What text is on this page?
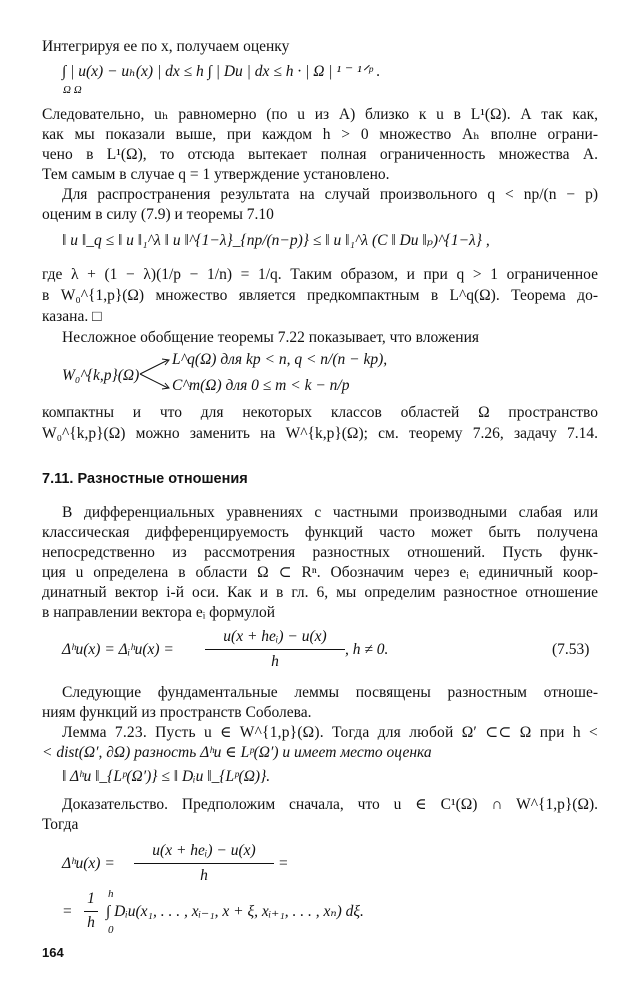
Интегрируя ее по x, получаем оценку
∫ | u(x) − uₕ(x) | dx ≤ h ∫ | Du | dx ≤ h · | Ω | ¹ ⁻ ¹ᐟᵖ .
Ω Ω
Следовательно, uₕ равномерно (по u из A) близко к u в L¹(Ω). А так как,
как мы показали выше, при каждом h > 0 множество Aₕ вполне ограни-
чено в L¹(Ω), то отсюда вытекает полная ограниченность множества A.
Тем самым в случае q = 1 утверждение установлено.
Для распространения результата на случай произвольного q < np/(n − p)
оценим в силу (7.9) и теоремы 7.10
‖ u ‖_q ≤ ‖ u ‖₁^λ ‖ u ‖^{1−λ}_{np/(n−p)} ≤ ‖ u ‖₁^λ (C ‖ Du ‖ₚ)^{1−λ} ,
где λ + (1 − λ)(1/p − 1/n) = 1/q. Таким образом, и при q > 1 ограниченное
в W₀^{1,p}(Ω) множество является предкомпактным в L^q(Ω). Теорема до-
казана. □
Несложное обобщение теоремы 7.22 показывает, что вложения
W₀^{k,p}(Ω)
L^q(Ω) для kp < n, q < n/(n − kp),
C^m(Ω) для 0 ≤ m < k − n/p
компактны и что для некоторых классов областей Ω пространство
W₀^{k,p}(Ω) можно заменить на W^{k,p}(Ω); см. теорему 7.26, задачу 7.14.
7.11. Разностные отношения
В дифференциальных уравнениях с частными производными слабая или
классическая дифференцируемость функций часто может быть получена
непосредственно из рассмотрения разностных отношений. Пусть функ-
ция u определена в области Ω ⊂ Rⁿ. Обозначим через eᵢ единичный коор-
динатный вектор i-й оси. Как и в гл. 6, мы определим разностное отношение
в направлении вектора eᵢ формулой
Δʰu(x) = Δᵢʰu(x) =
u(x + heᵢ) − u(x)
h
, h ≠ 0.	(7.53)
Следующие фундаментальные леммы посвящены разностным отноше-
ниям функций из пространств Соболева.
Лемма 7.23. Пусть u ∈ W^{1,p}(Ω). Тогда для любой Ω′ ⊂⊂ Ω при h <
< dist(Ω′, ∂Ω) разность Δʰu ∈ Lᵖ(Ω′) и имеет место оценка
‖ Δʰu ‖_{Lᵖ(Ω′)} ≤ ‖ Dᵢu ‖_{Lᵖ(Ω)}.
Доказательство. Предположим сначала, что u ∈ C¹(Ω) ∩ W^{1,p}(Ω).
Тогда
Δʰu(x) =
u(x + heᵢ) − u(x)
h
=
=
1
h
h
∫ Dᵢu(x₁, . . . , xᵢ₋₁, x + ξ, xᵢ₊₁, . . . , xₙ) dξ.
0
164
